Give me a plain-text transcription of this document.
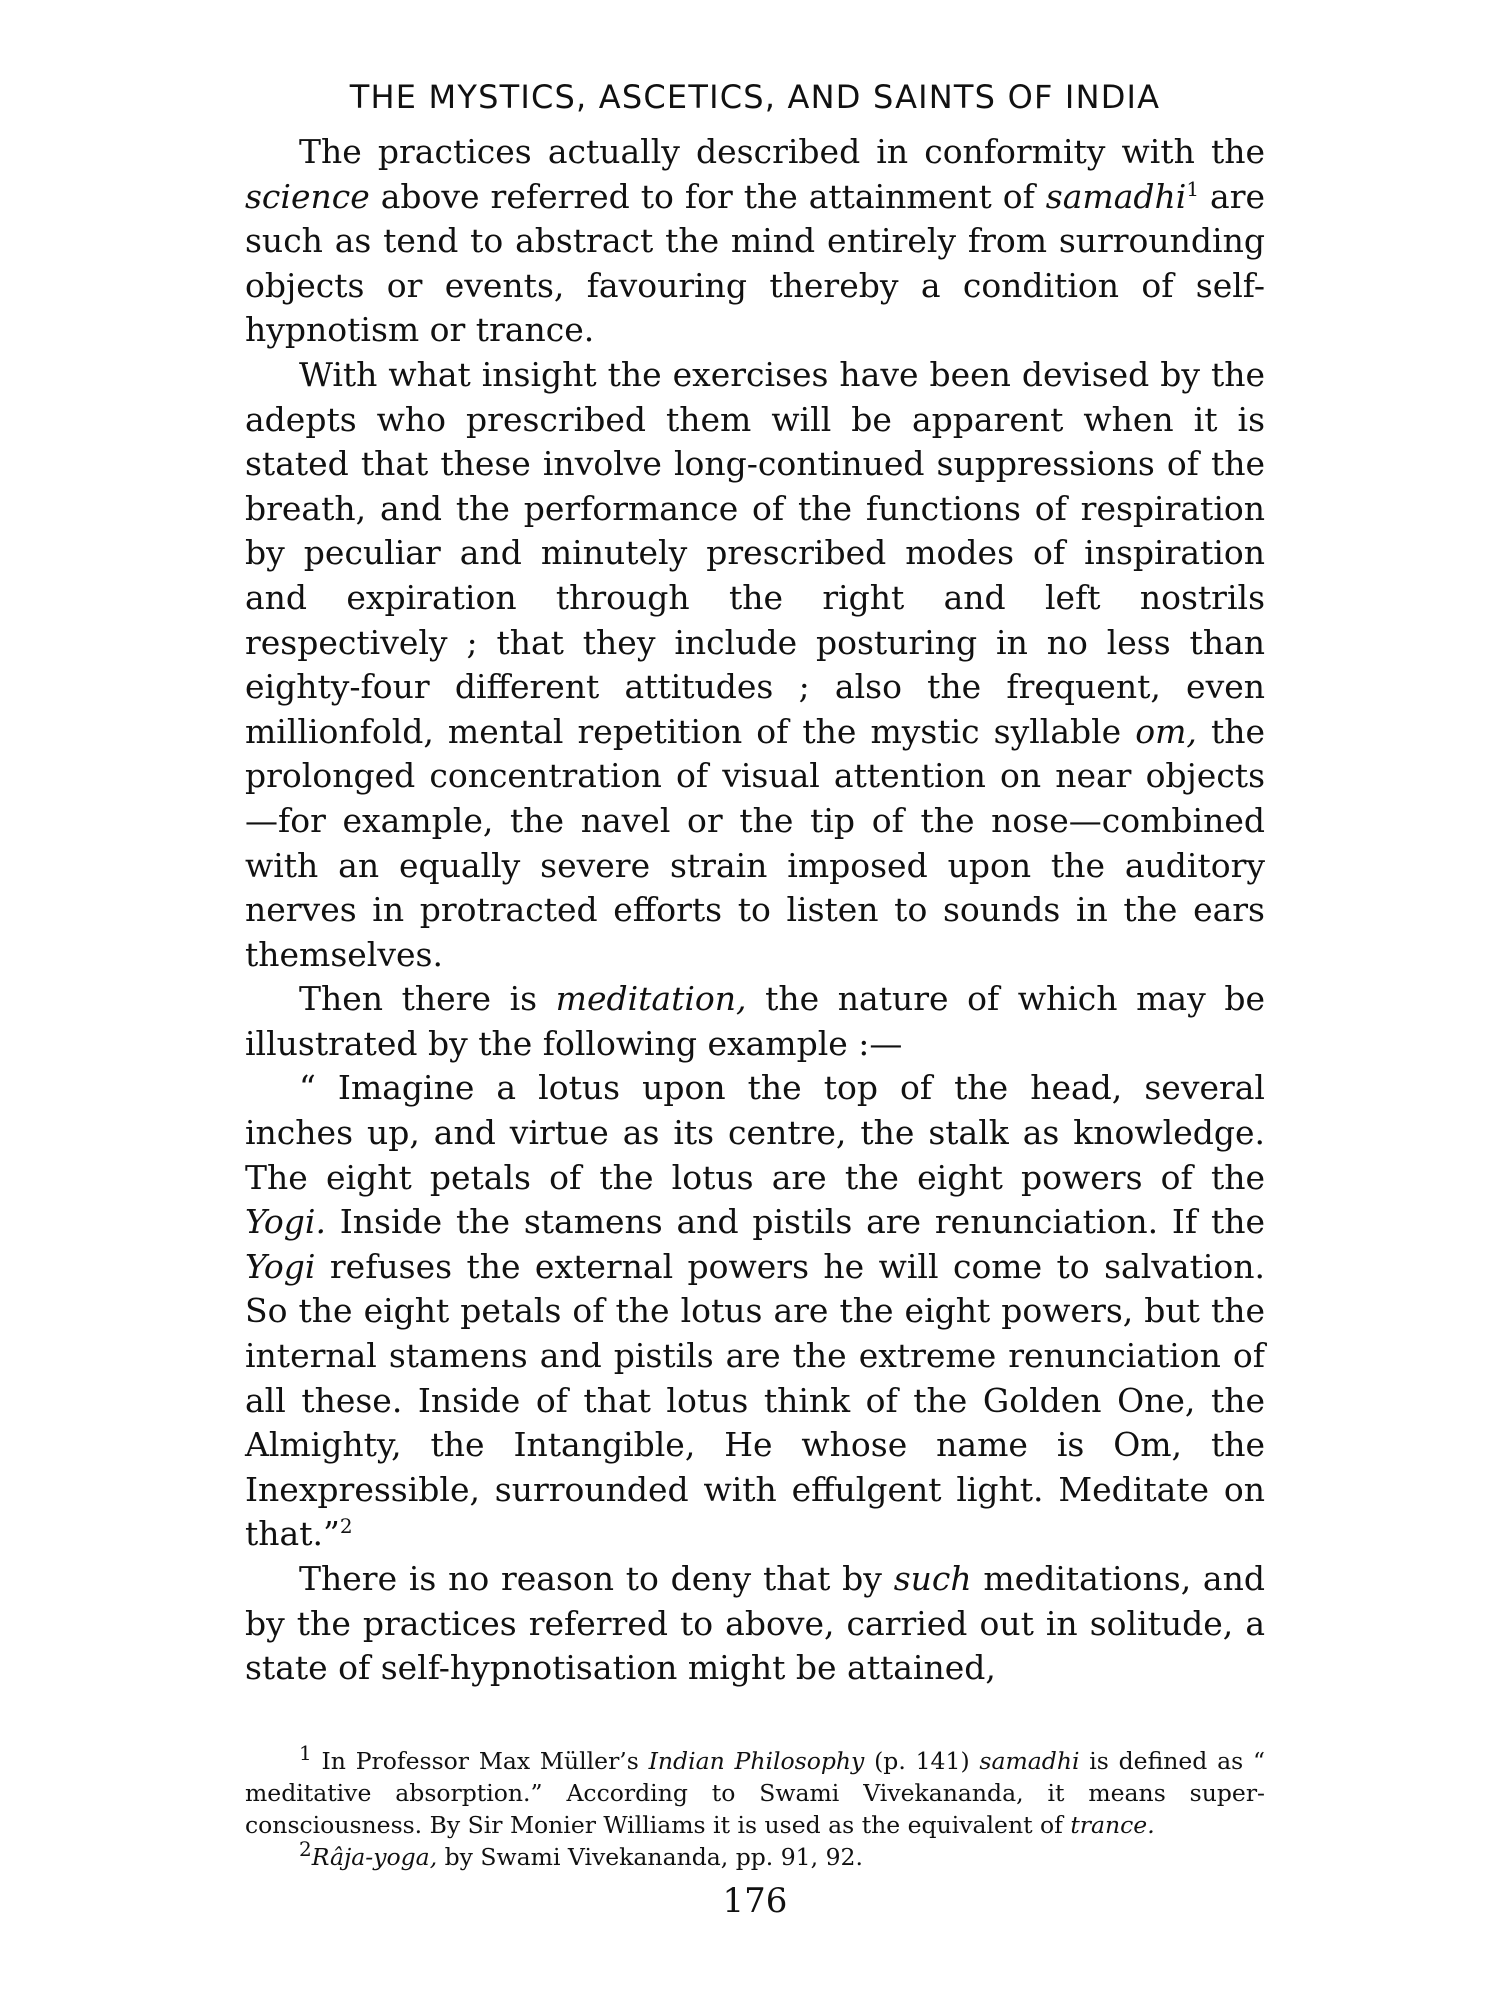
THE MYSTICS, ASCETICS, AND SAINTS OF INDIA

The practices actually described in conformity with the science above referred to for the attainment of samadhi$^1$ are such as tend to abstract the mind entirely from surrounding objects or events, favouring thereby a condition of self-hypnotism or trance.

With what insight the exercises have been devised by the adepts who prescribed them will be apparent when it is stated that these involve long-continued suppressions of the breath, and the performance of the functions of respiration by peculiar and minutely prescribed modes of inspiration and expiration through the right and left nostrils respectively ; that they include posturing in no less than eighty-four different attitudes ; also the frequent, even millionfold, mental repetition of the mystic syllable om, the prolonged concentration of visual attention on near objects—for example, the navel or the tip of the nose—combined with an equally severe strain imposed upon the auditory nerves in protracted efforts to listen to sounds in the ears themselves.

Then there is meditation, the nature of which may be illustrated by the following example :—

“ Imagine a lotus upon the top of the head, several inches up, and virtue as its centre, the stalk as knowledge. The eight petals of the lotus are the eight powers of the Yogi. Inside the stamens and pistils are renunciation. If the Yogi refuses the external powers he will come to salvation. So the eight petals of the lotus are the eight powers, but the internal stamens and pistils are the extreme renunciation of all these. Inside of that lotus think of the Golden One, the Almighty, the Intangible, He whose name is Om, the Inexpressible, surrounded with effulgent light. Meditate on that.”$^2$

There is no reason to deny that by such meditations, and by the practices referred to above, carried out in solitude, a state of self-hypnotisation might be attained,

$^1$ In Professor Max Müller’s Indian Philosophy (p. 141) samadhi is defined as “ meditative absorption.” According to Swami Vivekananda, it means super-consciousness. By Sir Monier Williams it is used as the equivalent of trance.

$^2$Râja-yoga, by Swami Vivekananda, pp. 91, 92.

176
